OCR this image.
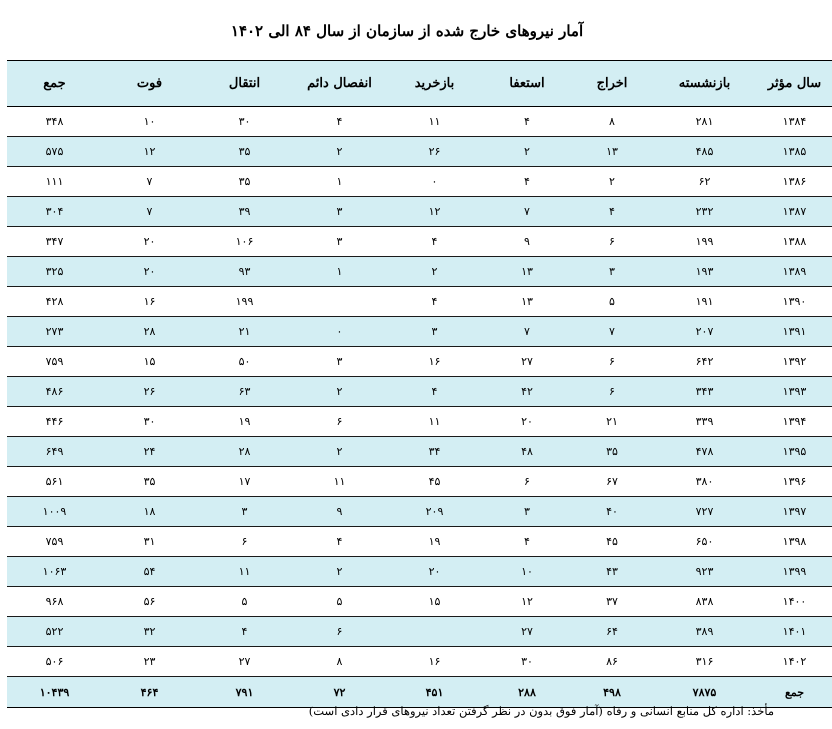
آمار نیروهای خارج شده از سازمان از سال ۸۴ الی ۱۴۰۲
سال مؤثر	بازنشسته	اخراج	استعفا	بازخرید	انفصال دائم	انتقال	فوت	جمع
۱۳۸۴	۲۸۱	۸	۴	۱۱	۴	۳۰	۱۰	۳۴۸
۱۳۸۵	۴۸۵	۱۳	۲	۲۶	۲	۳۵	۱۲	۵۷۵
۱۳۸۶	۶۲	۲	۴	۰	۱	۳۵	۷	۱۱۱
۱۳۸۷	۲۳۲	۴	۷	۱۲	۳	۳۹	۷	۳۰۴
۱۳۸۸	۱۹۹	۶	۹	۴	۳	۱۰۶	۲۰	۳۴۷
۱۳۸۹	۱۹۳	۳	۱۳	۲	۱	۹۳	۲۰	۳۲۵
۱۳۹۰	۱۹۱	۵	۱۳	۴		۱۹۹	۱۶	۴۲۸
۱۳۹۱	۲۰۷	۷	۷	۳	۰	۲۱	۲۸	۲۷۳
۱۳۹۲	۶۴۲	۶	۲۷	۱۶	۳	۵۰	۱۵	۷۵۹
۱۳۹۳	۳۴۳	۶	۴۲	۴	۲	۶۳	۲۶	۴۸۶
۱۳۹۴	۳۳۹	۲۱	۲۰	۱۱	۶	۱۹	۳۰	۴۴۶
۱۳۹۵	۴۷۸	۳۵	۴۸	۳۴	۲	۲۸	۲۴	۶۴۹
۱۳۹۶	۳۸۰	۶۷	۶	۴۵	۱۱	۱۷	۳۵	۵۶۱
۱۳۹۷	۷۲۷	۴۰	۳	۲۰۹	۹	۳	۱۸	۱۰۰۹
۱۳۹۸	۶۵۰	۴۵	۴	۱۹	۴	۶	۳۱	۷۵۹
۱۳۹۹	۹۲۳	۴۳	۱۰	۲۰	۲	۱۱	۵۴	۱۰۶۳
۱۴۰۰	۸۳۸	۳۷	۱۲	۱۵	۵	۵	۵۶	۹۶۸
۱۴۰۱	۳۸۹	۶۴	۲۷		۶	۴	۳۲	۵۲۲
۱۴۰۲	۳۱۶	۸۶	۳۰	۱۶	۸	۲۷	۲۳	۵۰۶
جمع	۷۸۷۵	۴۹۸	۲۸۸	۴۵۱	۷۲	۷۹۱	۴۶۴	۱۰۴۳۹
مأخذ: اداره کل منابع انسانی و رفاه (آمار فوق بدون در نظر گرفتن تعداد نیروهای قرار دادی است)
